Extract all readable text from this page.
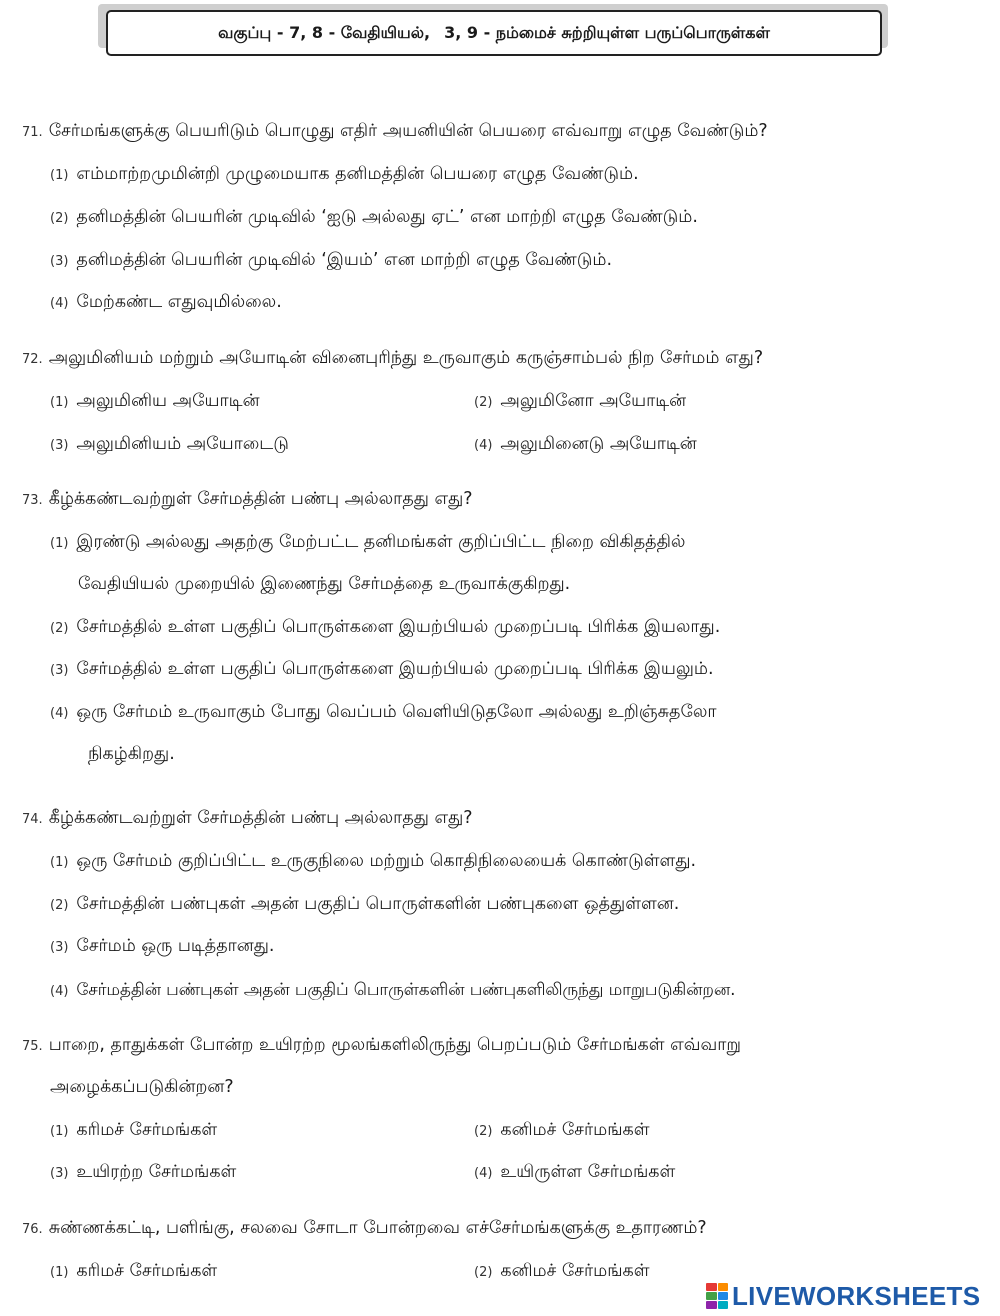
வகுப்பு - 7, 8 - வேதியியல், 3, 9 - நம்மைச் சுற்றியுள்ள பருப்பொருள்கள்
71. சேர்மங்களுக்கு பெயரிடும் பொழுது எதிர் அயனியின் பெயரை எவ்வாறு எழுத வேண்டும்?
(1) எம்மாற்றமுமின்றி முழுமையாக தனிமத்தின் பெயரை எழுத வேண்டும்.
(2) தனிமத்தின் பெயரின் முடிவில் ‘ஐடு அல்லது ஏட்’ என மாற்றி எழுத வேண்டும்.
(3) தனிமத்தின் பெயரின் முடிவில் ‘இயம்’ என மாற்றி எழுத வேண்டும்.
(4) மேற்கண்ட எதுவுமில்லை.
72. அலுமினியம் மற்றும் அயோடின் வினைபுரிந்து உருவாகும் கருஞ்சாம்பல் நிற சேர்மம் எது?
(1) அலுமினிய அயோடின்	(2) அலுமினோ அயோடின்
(3) அலுமினியம் அயோடைடு	(4) அலுமினைடு அயோடின்
73. கீழ்க்கண்டவற்றுள் சேர்மத்தின் பண்பு அல்லாதது எது?
(1) இரண்டு அல்லது அதற்கு மேற்பட்ட தனிமங்கள் குறிப்பிட்ட நிறை விகிதத்தில்
வேதியியல் முறையில் இணைந்து சேர்மத்தை உருவாக்குகிறது.
(2) சேர்மத்தில் உள்ள பகுதிப் பொருள்களை இயற்பியல் முறைப்படி பிரிக்க இயலாது.
(3) சேர்மத்தில் உள்ள பகுதிப் பொருள்களை இயற்பியல் முறைப்படி பிரிக்க இயலும்.
(4) ஒரு சேர்மம் உருவாகும் போது வெப்பம் வெளியிடுதலோ அல்லது உறிஞ்சுதலோ
நிகழ்கிறது.
74. கீழ்க்கண்டவற்றுள் சேர்மத்தின் பண்பு அல்லாதது எது?
(1) ஒரு சேர்மம் குறிப்பிட்ட உருகுநிலை மற்றும் கொதிநிலையைக் கொண்டுள்ளது.
(2) சேர்மத்தின் பண்புகள் அதன் பகுதிப் பொருள்களின் பண்புகளை ஒத்துள்ளன.
(3) சேர்மம் ஒரு படித்தானது.
(4) சேர்மத்தின் பண்புகள் அதன் பகுதிப் பொருள்களின் பண்புகளிலிருந்து மாறுபடுகின்றன.
75. பாறை, தாதுக்கள் போன்ற உயிரற்ற மூலங்களிலிருந்து பெறப்படும் சேர்மங்கள் எவ்வாறு
அழைக்கப்படுகின்றன?
(1) கரிமச் சேர்மங்கள்	(2) கனிமச் சேர்மங்கள்
(3) உயிரற்ற சேர்மங்கள்	(4) உயிருள்ள சேர்மங்கள்
76. சுண்ணக்கட்டி, பளிங்கு, சலவை சோடா போன்றவை எச்சேர்மங்களுக்கு உதாரணம்?
(1) கரிமச் சேர்மங்கள்	(2) கனிமச் சேர்மங்கள்
LIVEWORKSHEETS
